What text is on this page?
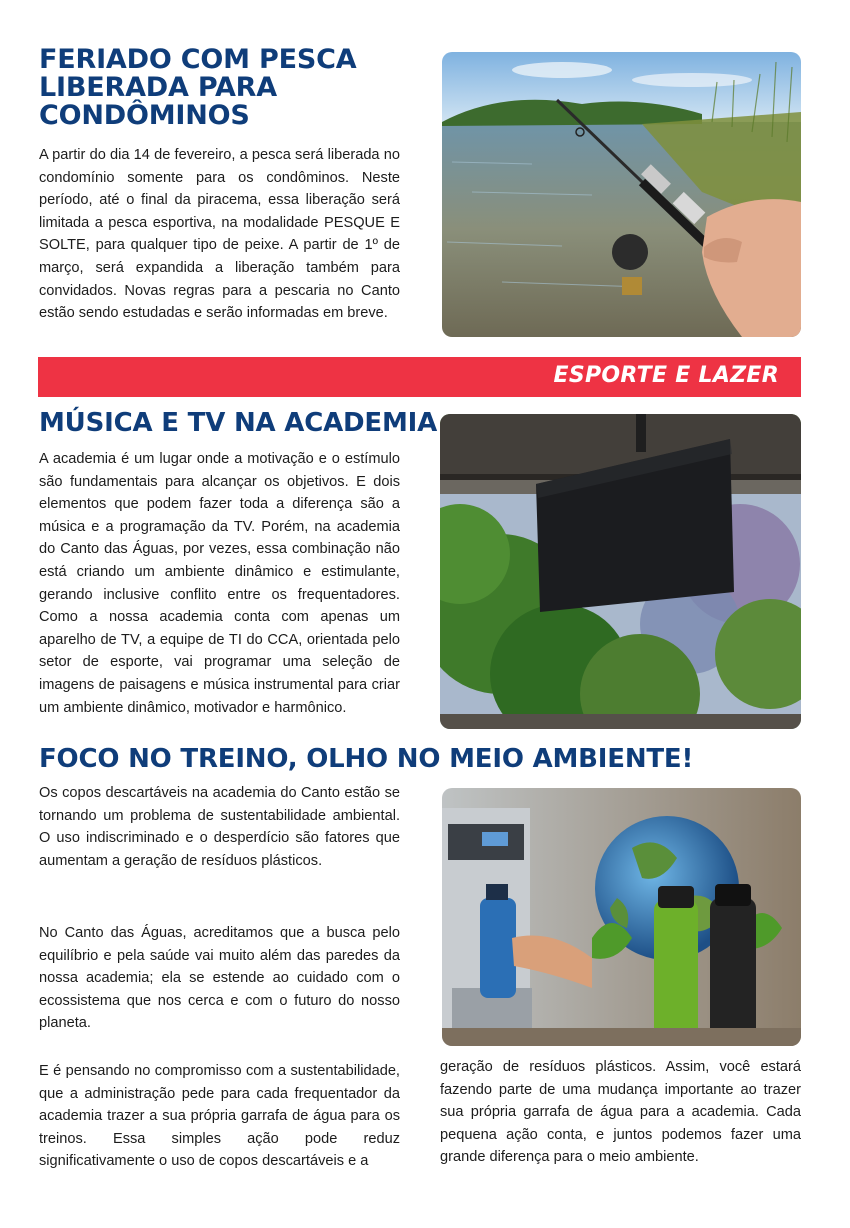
FERIADO COM PESCA LIBERADA PARA CONDÔMINOS

A partir do dia 14 de fevereiro, a pesca será liberada no condomínio somente para os condôminos. Neste período, até o final da piracema, essa liberação será limitada a pesca esportiva, na modalidade PESQUE E SOLTE, para qualquer tipo de peixe. A partir de 1º de março, será expandida a liberação também para convidados. Novas regras para a pescaria no Canto estão sendo estudadas e serão informadas em breve.

ESPORTE E LAZER
MÚSICA E TV NA ACADEMIA

A academia é um lugar onde a motivação e o estímulo são fundamentais para alcançar os objetivos. E dois elementos que podem fazer toda a diferença são a música e a programação da TV. Porém, na academia do Canto das Águas, por vezes, essa combinação não está criando um ambiente dinâmico e estimulante, gerando inclusive conflito entre os frequentadores. Como a nossa academia conta com apenas um aparelho de TV, a equipe de TI do CCA, orientada pelo setor de esporte, vai programar uma seleção de imagens de paisagens e música instrumental para criar um ambiente dinâmico, motivador e harmônico.

FOCO NO TREINO, OLHO NO MEIO AMBIENTE!

Os copos descartáveis na academia do Canto estão se tornando um problema de sustentabilidade ambiental. O uso indiscriminado e o desperdício são fatores que aumentam a geração de resíduos plásticos.

No Canto das Águas, acreditamos que a busca pelo equilíbrio e pela saúde vai muito além das paredes da nossa academia; ela se estende ao cuidado com o ecossistema que nos cerca e com o futuro do nosso planeta.

E é pensando no compromisso com a sustentabilidade, que a administração pede para cada frequentador da academia trazer a sua própria garrafa de água para os treinos. Essa simples ação pode reduz significativamente o uso de copos descartáveis e a

geração de resíduos plásticos. Assim, você estará fazendo parte de uma mudança importante ao trazer sua própria garrafa de água para a academia. Cada pequena ação conta, e juntos podemos fazer uma grande diferença para o meio ambiente.
